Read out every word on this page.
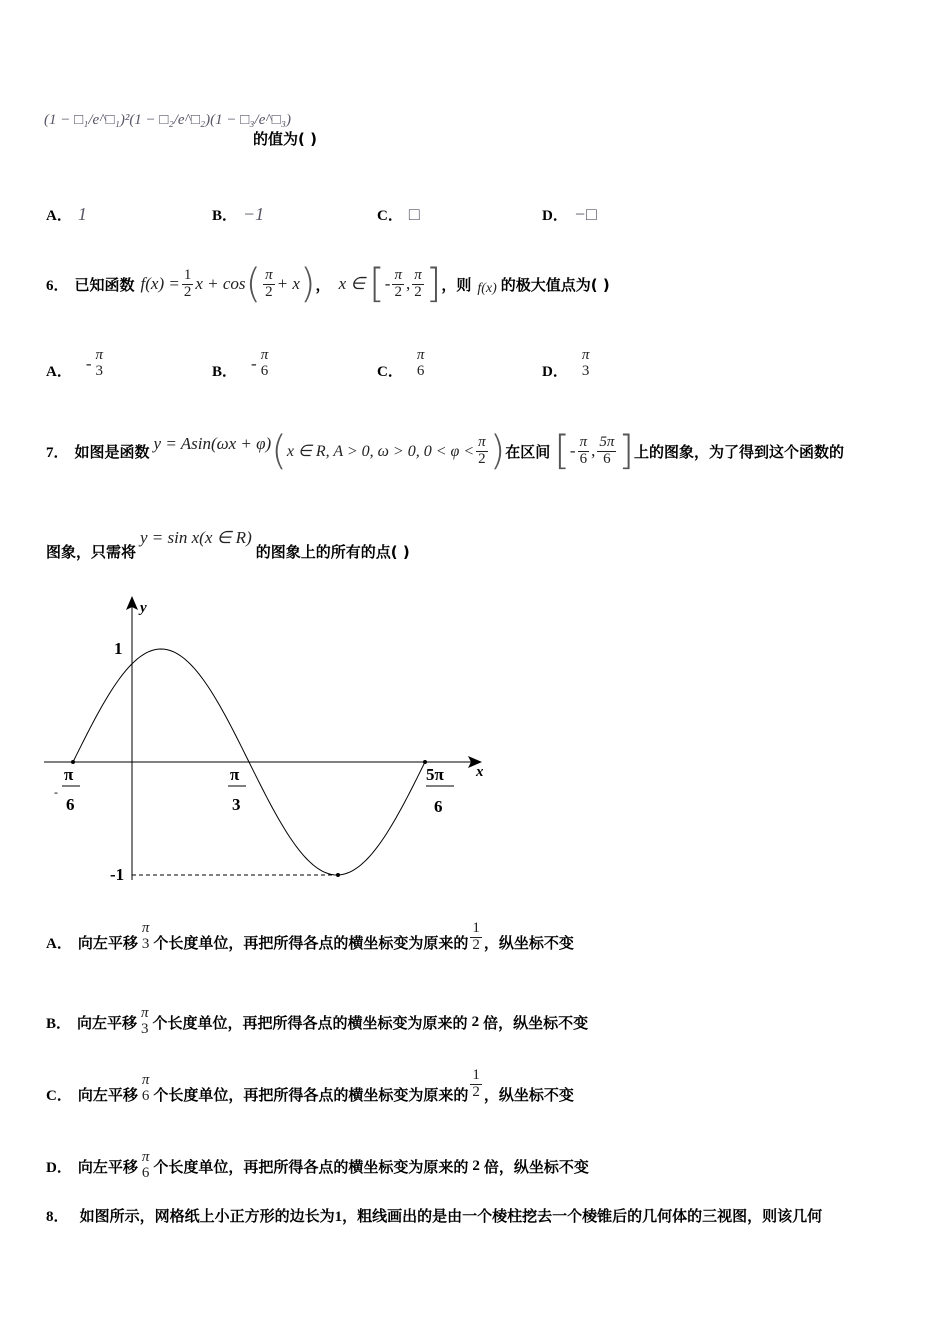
(1 − □₁/e^□₁)²(1 − □₂/e^□₂)(1 − □₃/e^□₃)
的值为( )
A． 1	B． −1	C． □	D． −□
6． 已知函数 $f(x) = \frac{1}{2}$ x + cos ( $\frac{\pi}{2} + x$ ) ， x ∈ [ - $\frac{\pi}{2}$ , $\frac{\pi}{2}$ ] ，则 f(x) 的极大值点为( )
A． - π
3	B． - π
6	C．
π
6	D．
π
3
7． 如图是函数 y = Asin(ωx + φ) ( x ∈ R, A > 0, ω > 0, $0 < \varphi < \frac{\pi}{2}$ ) 在区间 [ - $\frac{\pi}{6}$ , $\frac{5\pi}{6}$ ] 上的图象，为了得到这个函数的
图象，只需将
y = sin x(x ∈ R)
的图象上的所有的点( )
y
x
1
-1
-
π
6
π
3
5π
6
A． 向左平移
π
3 个长度单位，再把所得各点的横坐标变为原来的 $\frac{1}{2}$ ，纵坐标不变
B． 向左平移
π
3 个长度单位，再把所得各点的横坐标变为原来的 2 倍，纵坐标不变
C． 向左平移
π
6 个长度单位，再把所得各点的横坐标变为原来的 $\frac{1}{2}$ ，纵坐标不变
D． 向左平移
π
6 个长度单位，再把所得各点的横坐标变为原来的 2 倍，纵坐标不变
8． 如图所示，网格纸上小正方形的边长为1，粗线画出的是由一个棱柱挖去一个棱锥后的几何体的三视图，则该几何
